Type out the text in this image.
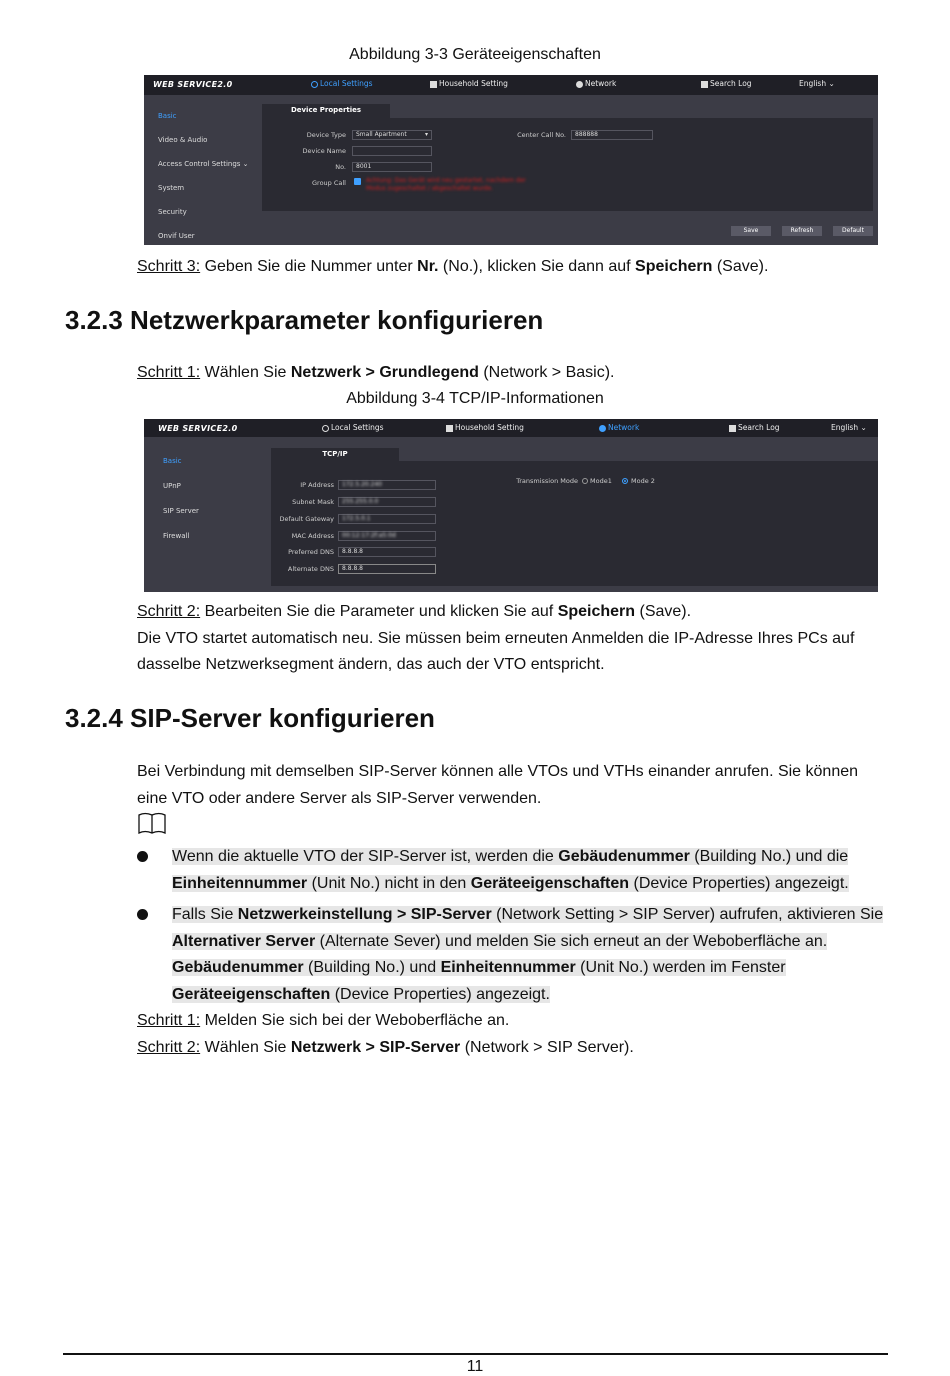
Abbildung 3-3 Geräteeigenschaften
WEB SERVICE2.0	Local Settings	Household Setting	Network	Search Log	English ⌄
Basic
Video & Audio
Access Control Settings ⌄
System
Security
Onvif User
Device Properties
Device Type	Small Apartment	▾
Device Name
No.	8001
Group Call	Achtung: Das Gerät wird neu gestartet, nachdem der Modus zugeschaltet / abgeschaltet wurde.
Center Call No.	888888
Save	Refresh	Default
Schritt 3: Geben Sie die Nummer unter Nr. (No.), klicken Sie dann auf Speichern (Save).
3.2.3 Netzwerkparameter konfigurieren
Schritt 1: Wählen Sie Netzwerk > Grundlegend (Network > Basic).
Abbildung 3-4 TCP/IP-Informationen
WEB SERVICE2.0	Local Settings	Household Setting	Network	Search Log	English ⌄
Basic
UPnP
SIP Server
Firewall
TCP/IP
IP Address	172.5.20.240
Subnet Mask	255.255.0.0
Default Gateway	172.5.0.1
MAC Address	00:12:17:2f:a5:0d
Preferred DNS	8.8.8.8
Alternate DNS	8.8.8.8
Transmission Mode Mode1	Mode 2
Schritt 2: Bearbeiten Sie die Parameter und klicken Sie auf Speichern (Save).
Die VTO startet automatisch neu. Sie müssen beim erneuten Anmelden die IP-Adresse Ihres PCs auf dasselbe Netzwerksegment ändern, das auch der VTO entspricht.
3.2.4 SIP-Server konfigurieren
Bei Verbindung mit demselben SIP-Server können alle VTOs und VTHs einander anrufen. Sie können eine VTO oder andere Server als SIP-Server verwenden.
Wenn die aktuelle VTO der SIP-Server ist, werden die Gebäudenummer (Building No.) und die Einheitennummer (Unit No.) nicht in den Geräteeigenschaften (Device Properties) angezeigt.
Falls Sie Netzwerkeinstellung > SIP-Server (Network Setting > SIP Server) aufrufen, aktivieren Sie Alternativer Server (Alternate Sever) und melden Sie sich erneut an der Weboberfläche an. Gebäudenummer (Building No.) und Einheitennummer (Unit No.) werden im Fenster Geräteeigenschaften (Device Properties) angezeigt.
Schritt 1: Melden Sie sich bei der Weboberfläche an.
Schritt 2: Wählen Sie Netzwerk > SIP-Server (Network > SIP Server).
11
